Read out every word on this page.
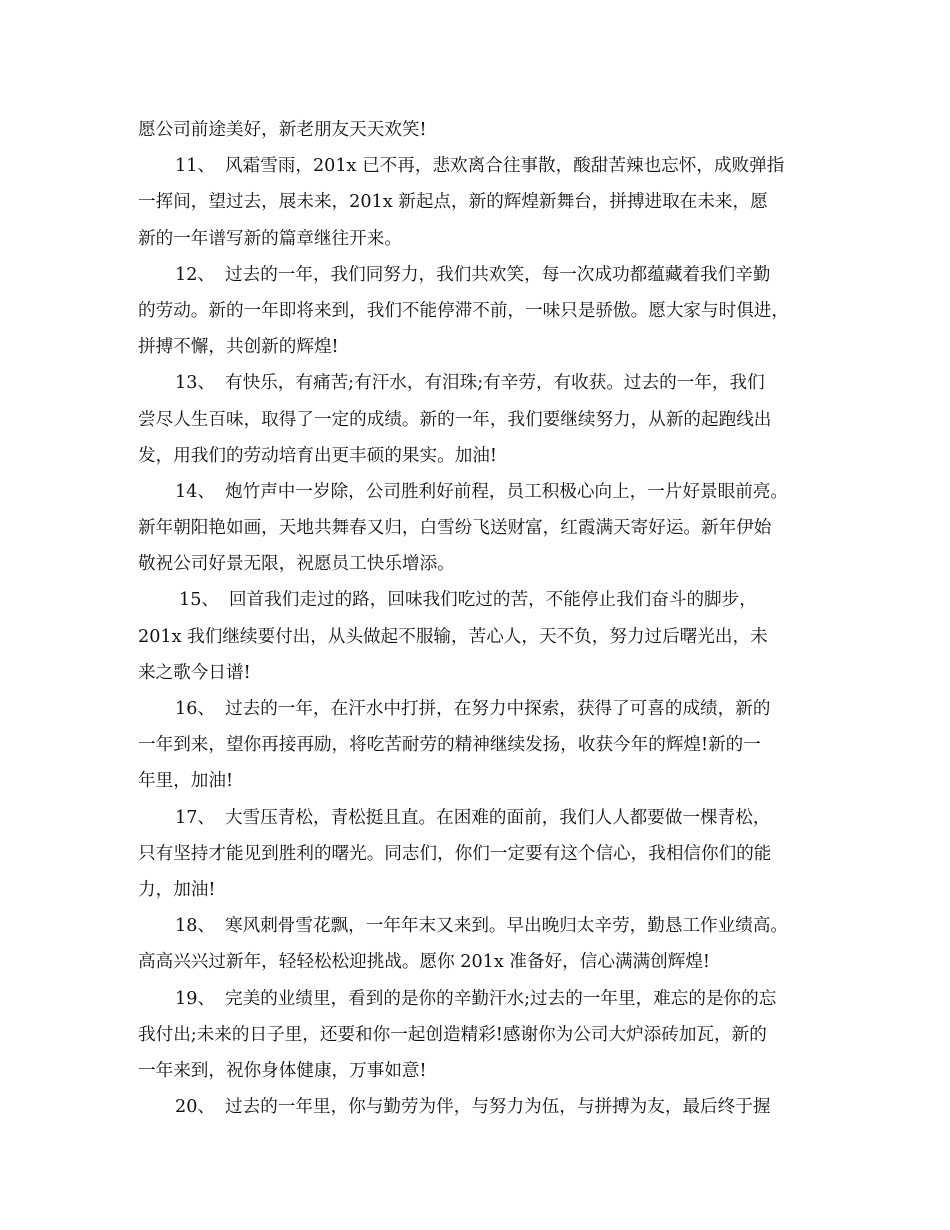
愿公司前途美好，新老朋友天天欢笑!
11、 风霜雪雨，201x 已不再，悲欢离合往事散，酸甜苦辣也忘怀，成败弹指
一挥间，望过去，展未来，201x 新起点，新的辉煌新舞台，拼搏进取在未来，愿
新的一年谱写新的篇章继往开来。
12、 过去的一年，我们同努力，我们共欢笑，每一次成功都蕴藏着我们辛勤
的劳动。新的一年即将来到，我们不能停滞不前，一味只是骄傲。愿大家与时俱进，
拼搏不懈，共创新的辉煌!
13、 有快乐，有痛苦;有汗水，有泪珠;有辛劳，有收获。过去的一年，我们
尝尽人生百味，取得了一定的成绩。新的一年，我们要继续努力，从新的起跑线出
发，用我们的劳动培育出更丰硕的果实。加油!
14、 炮竹声中一岁除，公司胜利好前程，员工积极心向上，一片好景眼前亮。
新年朝阳艳如画，天地共舞春又归，白雪纷飞送财富，红霞满天寄好运。新年伊始
敬祝公司好景无限，祝愿员工快乐增添。
15、 回首我们走过的路，回味我们吃过的苦，不能停止我们奋斗的脚步，
201x 我们继续要付出，从头做起不服输，苦心人，天不负，努力过后曙光出，未
来之歌今日谱!
16、 过去的一年，在汗水中打拼，在努力中探索，获得了可喜的成绩，新的
一年到来，望你再接再励，将吃苦耐劳的精神继续发扬，收获今年的辉煌!新的一
年里，加油!
17、 大雪压青松，青松挺且直。在困难的面前，我们人人都要做一棵青松，
只有坚持才能见到胜利的曙光。同志们，你们一定要有这个信心，我相信你们的能
力，加油!
18、 寒风刺骨雪花飘，一年年末又来到。早出晚归太辛劳，勤恳工作业绩高。
高高兴兴过新年，轻轻松松迎挑战。愿你 201x 准备好，信心满满创辉煌!
19、 完美的业绩里，看到的是你的辛勤汗水;过去的一年里，难忘的是你的忘
我付出;未来的日子里，还要和你一起创造精彩!感谢你为公司大炉添砖加瓦，新的
一年来到，祝你身体健康，万事如意!
20、 过去的一年里，你与勤劳为伴，与努力为伍，与拼搏为友，最后终于握
